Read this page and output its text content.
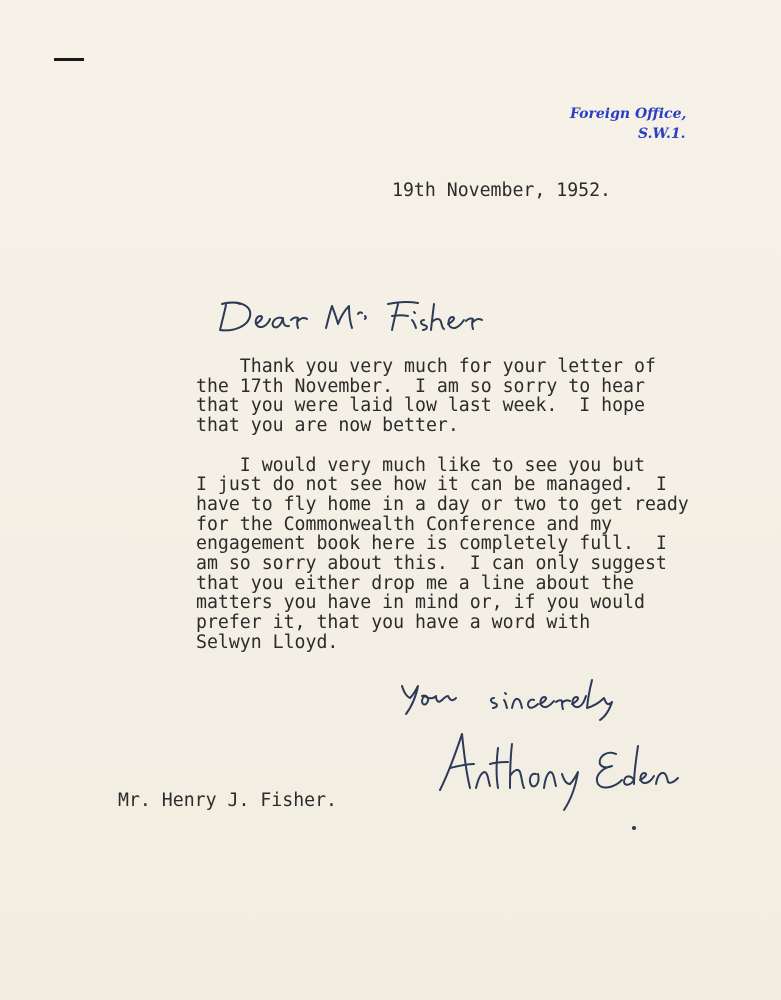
Foreign Office,
S.W.1.
19th November, 1952.
Thank you very much for your letter of
the 17th November.  I am so sorry to hear
that you were laid low last week.  I hope
that you are now better.
I would very much like to see you but
I just do not see how it can be managed.  I
have to fly home in a day or two to get ready
for the Commonwealth Conference and my
engagement book here is completely full.  I
am so sorry about this.  I can only suggest
that you either drop me a line about the
matters you have in mind or, if you would
prefer it, that you have a word with
Selwyn Lloyd.
Mr. Henry J. Fisher.
